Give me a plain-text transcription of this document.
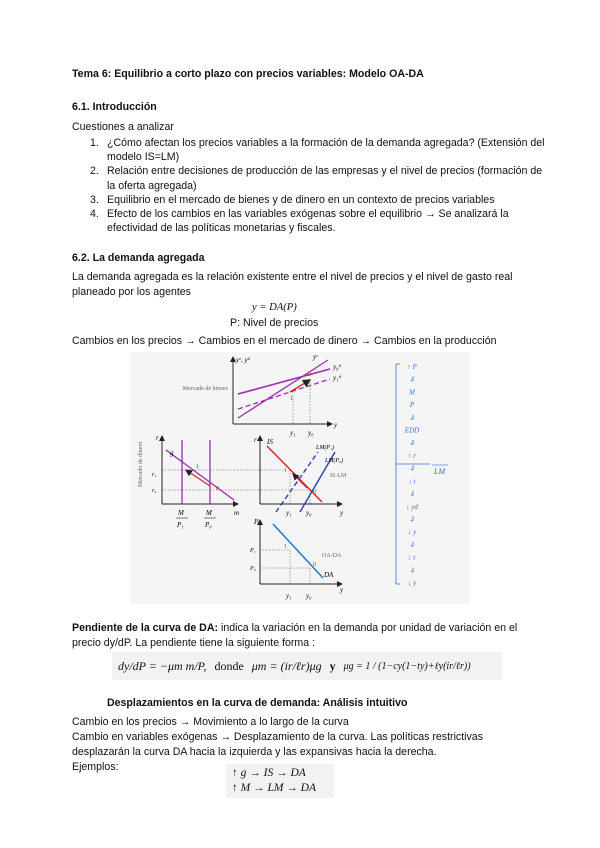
Tema 6: Equilibrio a corto plazo con precios variables: Modelo OA-DA
6.1. Introducción
Cuestiones a analizar
1. ¿Cómo afectan los precios variables a la formación de la demanda agregada? (Extensión del modelo IS=LM)
2. Relación entre decisiones de producción de las empresas y el nivel de precios (formación de la oferta agregada)
3. Equilibrio en el mercado de bienes y de dinero en un contexto de precios variables
4. Efecto de los cambios en las variables exógenas sobre el equilibrio → Se analizará la efectividad de las políticas monetarias y fiscales.
6.2. La demanda agregada
La demanda agregada es la relación existente entre el nivel de precios y el nivel de gasto real
planeado por los agentes
y = DA(P)
P: Nivel de precios
Cambios en los precios → Cambios en el mercado de dinero → Cambios en la producción
yᵉ, yᵈ
y
Mercado de bienes
yᵉ
y₀ᵈ
y₁ᵈ
0
1
y₁ y₀
r
m
Mercado de dinero	g
r₁
r₀
1
0
M
P₁
M
P₀
r
y
IS
LM(P₁)
LM(P₀)
IS-LM
1
0
y₁ y₀
P
y
DA
OA-DA
P₁
P₀
1
0
y₁ y₀
LM
↑ P
⇓
M
P
⇓
EDD
⇓
↑ r
⇓
↓ i
⇓
↓ yd
⇓
↓ y
⇓
↓ c
⇓
↓ y
Pendiente de la curva de DA: indica la variación en la demanda por unidad de variación en el
precio dy/dP. La pendiente tiene la siguiente forma :
dy/dP = −μm m/P, donde μm = (ir/ℓr)μg y μg = 1 / (1−cy(1−ty)+ℓy(ir/ℓr))
Desplazamientos en la curva de demanda: Análisis intuitivo
Cambio en los precios → Movimiento a lo largo de la curva
Cambio en variables exógenas → Desplazamiento de la curva. Las políticas restrictivas
desplazarán la curva DA hacia la izquierda y las expansivas hacia la derecha.
Ejemplos:	↑ g → IS → DA
↑ M → LM → DA
